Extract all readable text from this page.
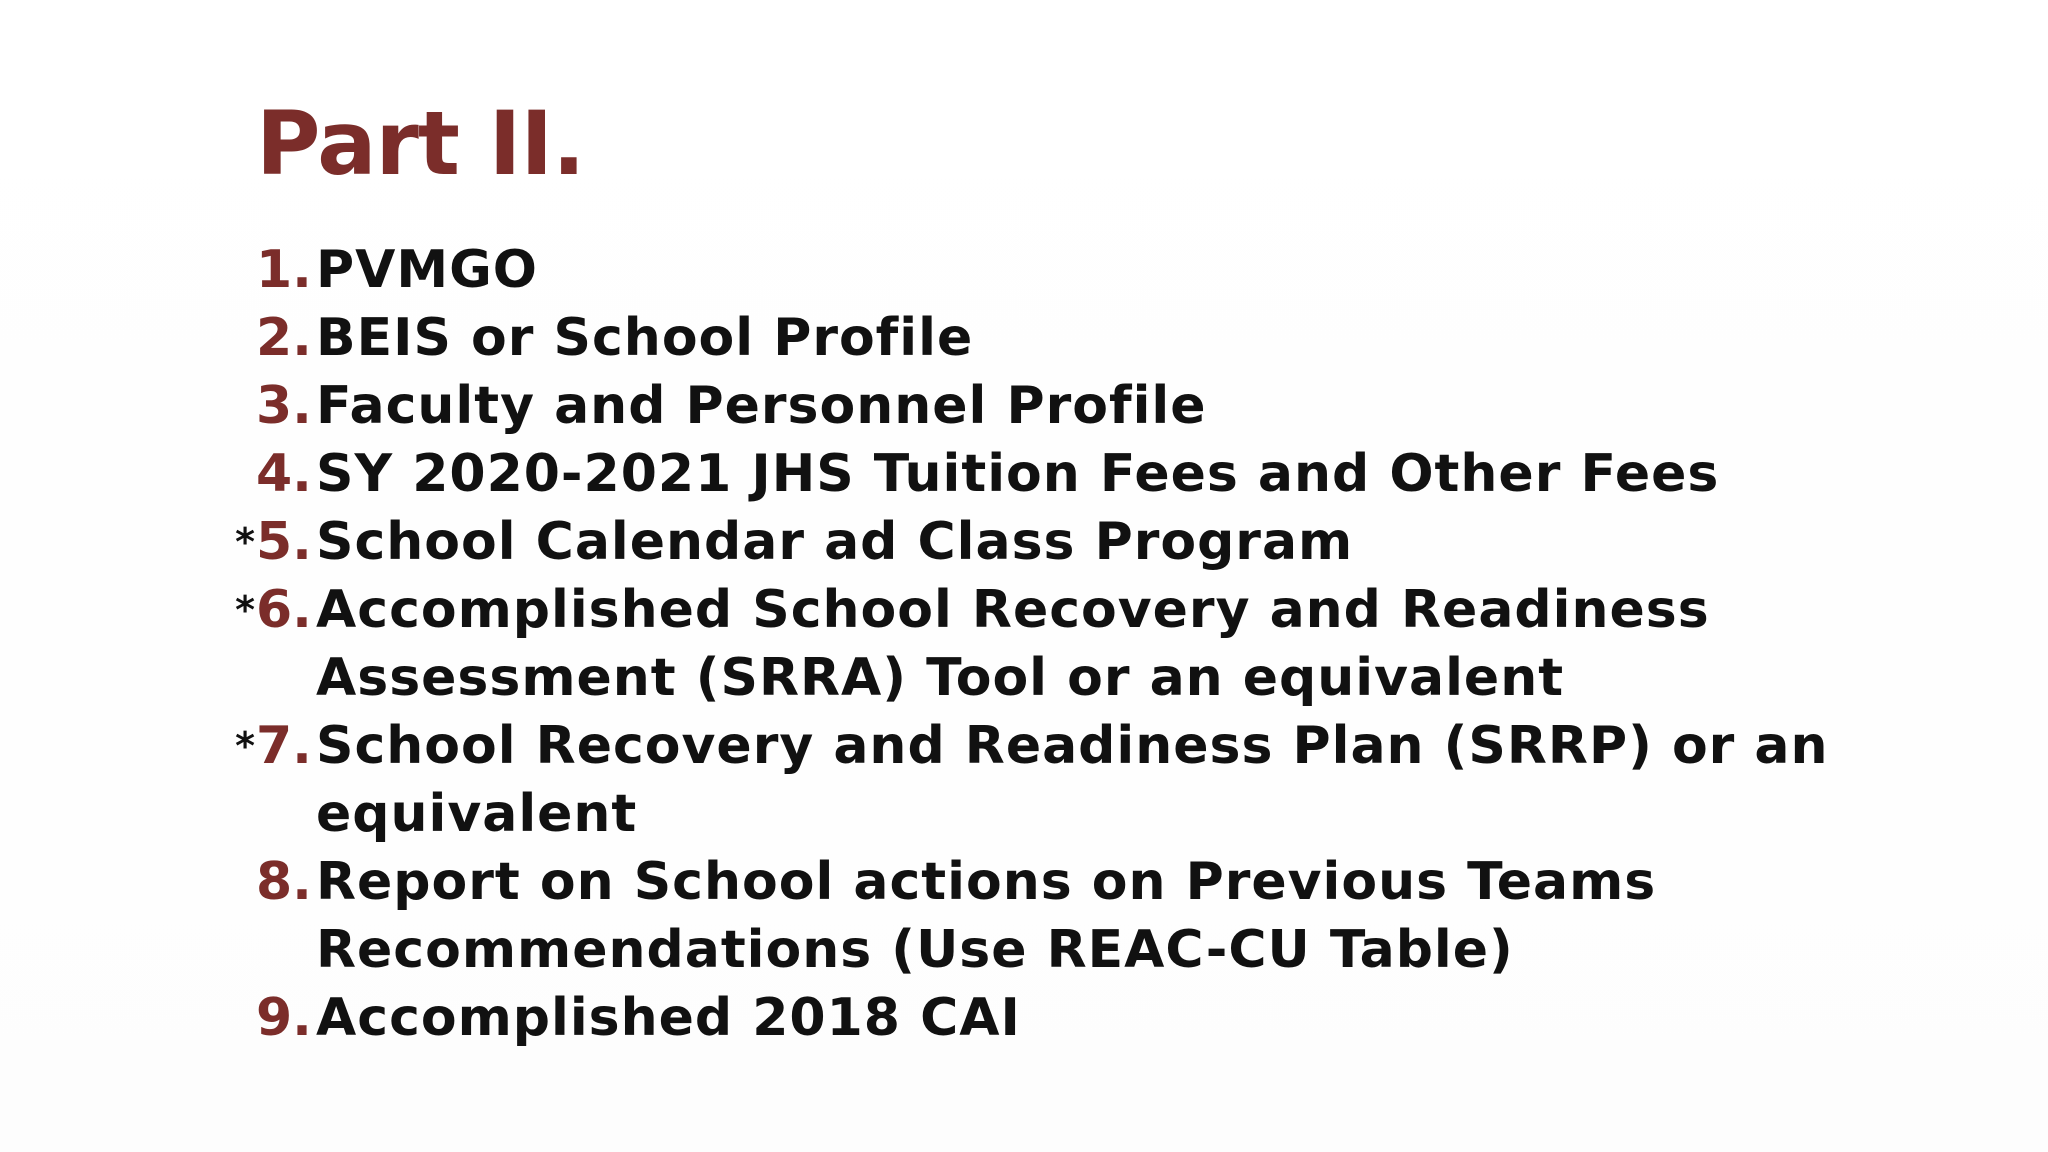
Part II.
1. PVMGO
2. BEIS or School Profile
3. Faculty and Personnel Profile
4. SY 2020-2021 JHS Tuition Fees and Other Fees
* 5. School Calendar ad Class Program
* 6. Accomplished School Recovery and Readiness Assessment (SRRA) Tool or an equivalent
* 7. School Recovery and Readiness Plan (SRRP) or an equivalent
8. Report on School actions on Previous Teams Recommendations (Use REAC-CU Table)
9. Accomplished 2018 CAI
